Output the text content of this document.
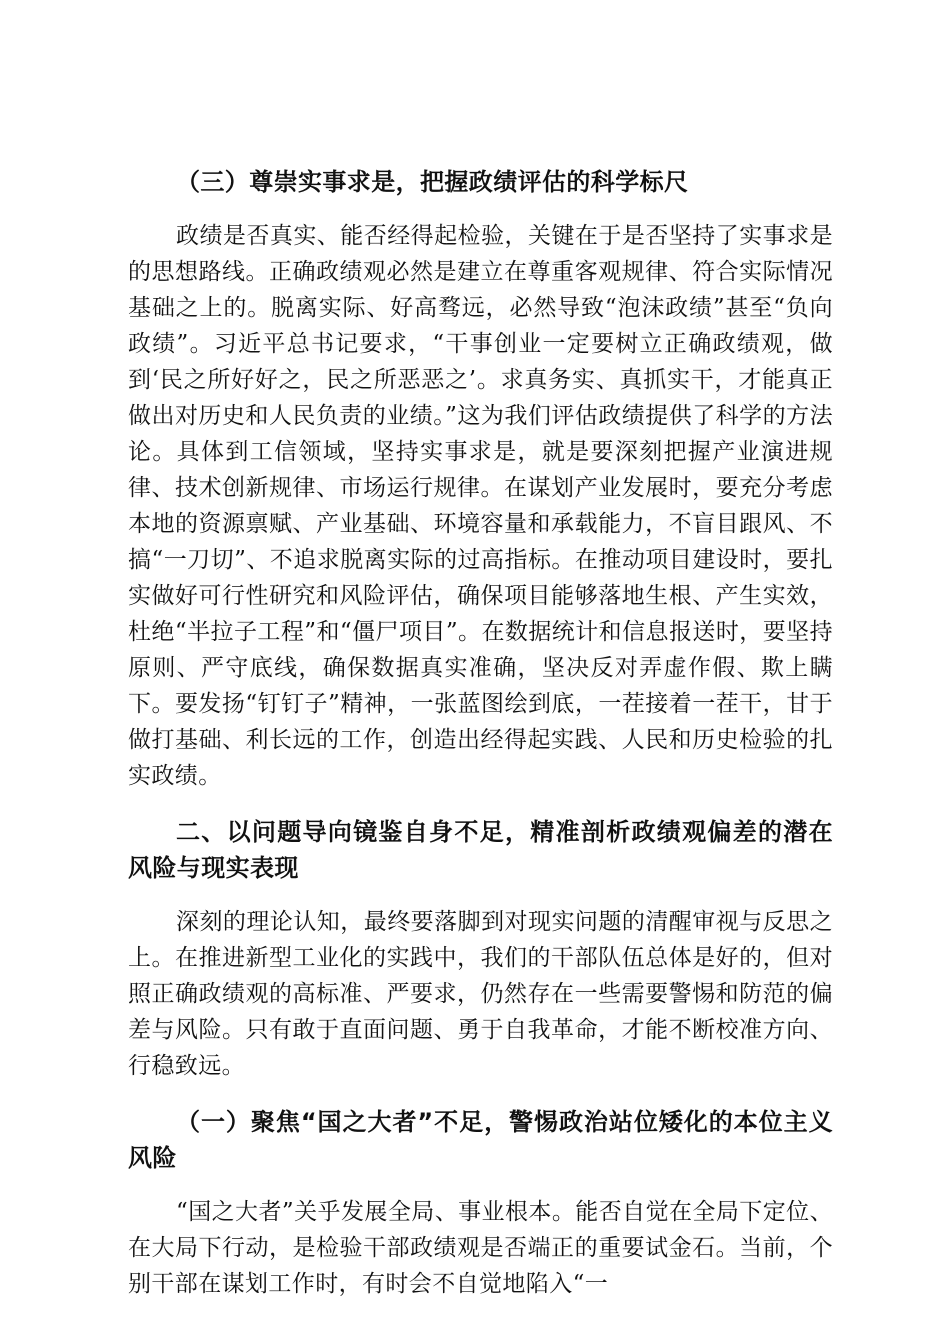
（三）尊崇实事求是，把握政绩评估的科学标尺

政绩是否真实、能否经得起检验，关键在于是否坚持了实事求是的思想路线。正确政绩观必然是建立在尊重客观规律、符合实际情况基础之上的。脱离实际、好高骛远，必然导致“泡沫政绩”甚至“负向政绩”。习近平总书记要求，“干事创业一定要树立正确政绩观，做到‘民之所好好之，民之所恶恶之’。求真务实、真抓实干，才能真正做出对历史和人民负责的业绩。”这为我们评估政绩提供了科学的方法论。具体到工信领域，坚持实事求是，就是要深刻把握产业演进规律、技术创新规律、市场运行规律。在谋划产业发展时，要充分考虑本地的资源禀赋、产业基础、环境容量和承载能力，不盲目跟风、不搞“一刀切”、不追求脱离实际的过高指标。在推动项目建设时，要扎实做好可行性研究和风险评估，确保项目能够落地生根、产生实效，杜绝“半拉子工程”和“僵尸项目”。在数据统计和信息报送时，要坚持原则、严守底线，确保数据真实准确，坚决反对弄虚作假、欺上瞒下。要发扬“钉钉子”精神，一张蓝图绘到底，一茬接着一茬干，甘于做打基础、利长远的工作，创造出经得起实践、人民和历史检验的扎实政绩。

二、以问题导向镜鉴自身不足，精准剖析政绩观偏差的潜在风险与现实表现

深刻的理论认知，最终要落脚到对现实问题的清醒审视与反思之上。在推进新型工业化的实践中，我们的干部队伍总体是好的，但对照正确政绩观的高标准、严要求，仍然存在一些需要警惕和防范的偏差与风险。只有敢于直面问题、勇于自我革命，才能不断校准方向、行稳致远。

（一）聚焦“国之大者”不足，警惕政治站位矮化的本位主义风险

“国之大者”关乎发展全局、事业根本。能否自觉在全局下定位、在大局下行动，是检验干部政绩观是否端正的重要试金石。当前，个别干部在谋划工作时，有时会不自觉地陷入“一
